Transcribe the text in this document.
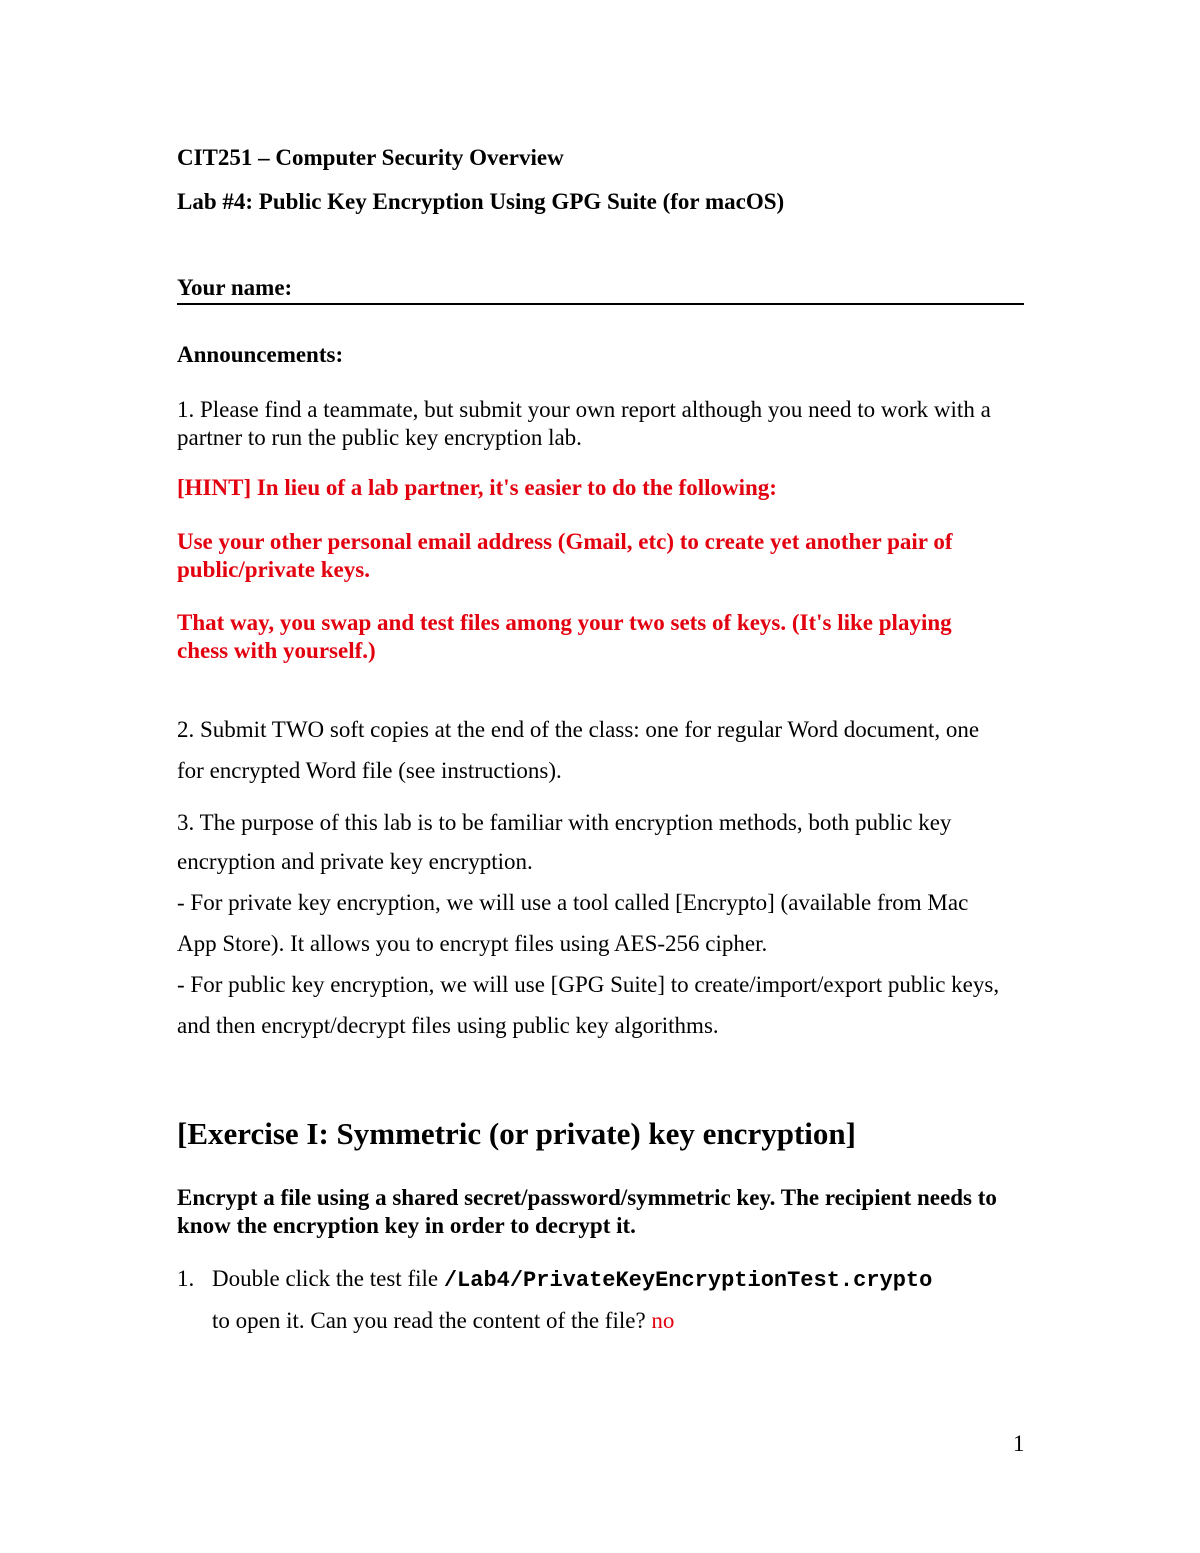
CIT251 – Computer Security Overview
Lab #4: Public Key Encryption Using GPG Suite (for macOS)
Your name:
Announcements:
1. Please find a teammate, but submit your own report although you need to work with a
partner to run the public key encryption lab.
[HINT] In lieu of a lab partner, it's easier to do the following:
Use your other personal email address (Gmail, etc) to create yet another pair of
public/private keys.
That way, you swap and test files among your two sets of keys. (It's like playing
chess with yourself.)
2. Submit TWO soft copies at the end of the class: one for regular Word document, one
for encrypted Word file (see instructions).
3. The purpose of this lab is to be familiar with encryption methods, both public key
encryption and private key encryption.
- For private key encryption, we will use a tool called [Encrypto] (available from Mac
App Store). It allows you to encrypt files using AES-256 cipher.
- For public key encryption, we will use [GPG Suite] to create/import/export public keys,
and then encrypt/decrypt files using public key algorithms.
[Exercise I: Symmetric (or private) key encryption]
Encrypt a file using a shared secret/password/symmetric key. The recipient needs to
know the encryption key in order to decrypt it.
1. Double click the test file /Lab4/PrivateKeyEncryptionTest.crypto
to open it. Can you read the content of the file? no
1
